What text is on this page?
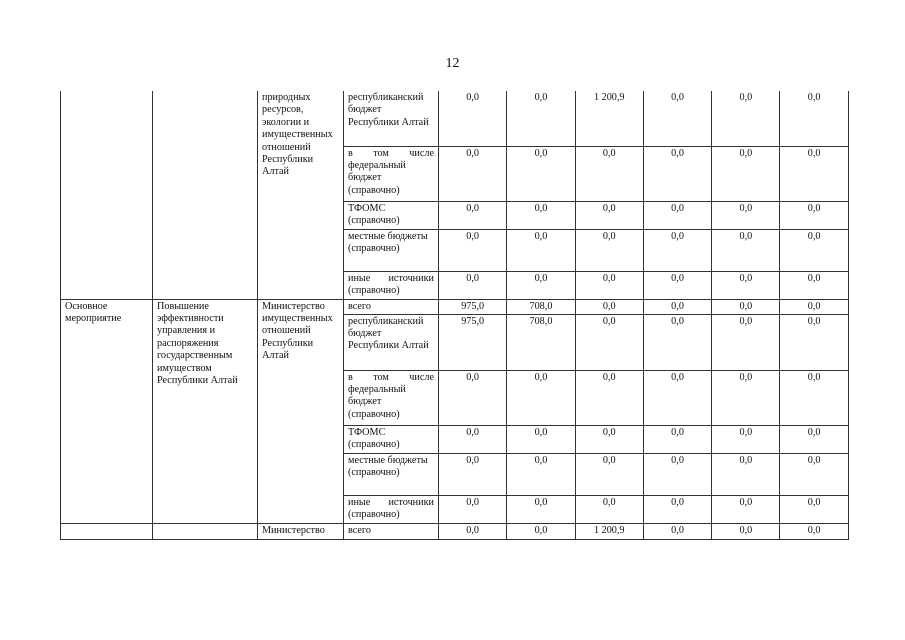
12
		природных ресурсов, экологии и имущественных отношений Республики Алтай	республиканский бюджет Республики Алтай	0,0	0,0	1 200,9	0,0	0,0	0,0
			в том числе федеральный бюджет (справочно)	0,0	0,0	0,0	0,0	0,0	0,0
			ТФОМС (справочно)	0,0	0,0	0,0	0,0	0,0	0,0
			местные бюджеты (справочно)	0,0	0,0	0,0	0,0	0,0	0,0
			иные источники (справочно)	0,0	0,0	0,0	0,0	0,0	0,0
Основное мероприятие	Повышение эффективности управления и распоряжения государственным имуществом Республики Алтай	Министерство имущественных отношений Республики Алтай	всего	975,0	708,0	0,0	0,0	0,0	0,0
			республиканский бюджет Республики Алтай	975,0	708,0	0,0	0,0	0,0	0,0
			в том числе федеральный бюджет (справочно)	0,0	0,0	0,0	0,0	0,0	0,0
			ТФОМС (справочно)	0,0	0,0	0,0	0,0	0,0	0,0
			местные бюджеты (справочно)	0,0	0,0	0,0	0,0	0,0	0,0
			иные источники (справочно)	0,0	0,0	0,0	0,0	0,0	0,0
		Министерство	всего	0,0	0,0	1 200,9	0,0	0,0	0,0
